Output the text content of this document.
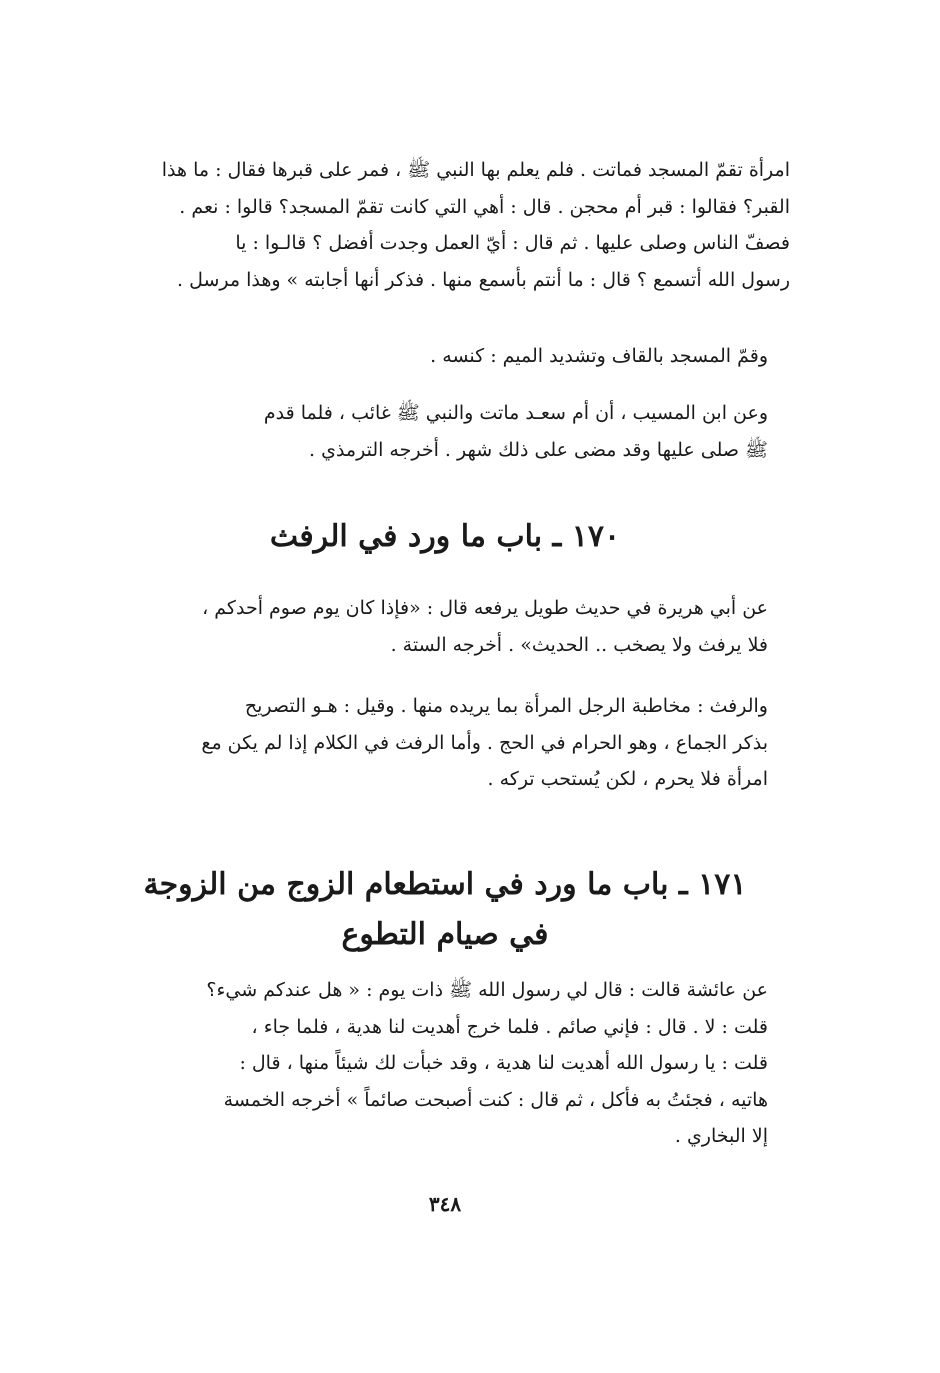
امرأة تقمّ المسجد فماتت . فلم يعلم بها النبي ﷺ ، فمر على قبرها فقال : ما هذا
القبر؟ فقالوا : قبر أم محجن . قال : أهي التي كانت تقمّ المسجد؟ قالوا : نعم .
فصفّ الناس وصلى عليها . ثم قال : أيّ العمل وجدت أفضل ؟ قالـوا : يا
رسول الله أتسمع ؟ قال : ما أنتم بأسمع منها . فذكر أنها أجابته » وهذا مرسل .
وقمّ المسجد بالقاف وتشديد الميم : كنسه .
وعن ابن المسيب ، أن أم سعـد ماتت والنبي ﷺ غائب ، فلما قدم
ﷺ صلى عليها وقد مضى على ذلك شهر . أخرجه الترمذي .
١٧٠ ـ باب ما ورد في الرفث
عن أبي هريرة في حديث طويل يرفعه قال : «فإذا كان يوم صوم أحدكم ،
فلا يرفث ولا يصخب .. الحديث» . أخرجه الستة .
والرفث : مخاطبة الرجل المرأة بما يريده منها . وقيل : هـو التصريح
بذكر الجماع ، وهو الحرام في الحج . وأما الرفث في الكلام إذا لم يكن مع
امرأة فلا يحرم ، لكن يُستحب تركه .
١٧١ ـ باب ما ورد في استطعام الزوج من الزوجة
في صيام التطوع
عن عائشة قالت : قال لي رسول الله ﷺ ذات يوم : « هل عندكم شيء؟
قلت : لا . قال : فإني صائم . فلما خرج أهديت لنا هدية ، فلما جاء ،
قلت : يا رسول الله أهديت لنا هدية ، وقد خبأت لك شيئاً منها ، قال :
هاتيه ، فجئتُ به فأكل ، ثم قال : كنت أصبحت صائماً » أخرجه الخمسة
إلا البخاري .
٣٤٨
